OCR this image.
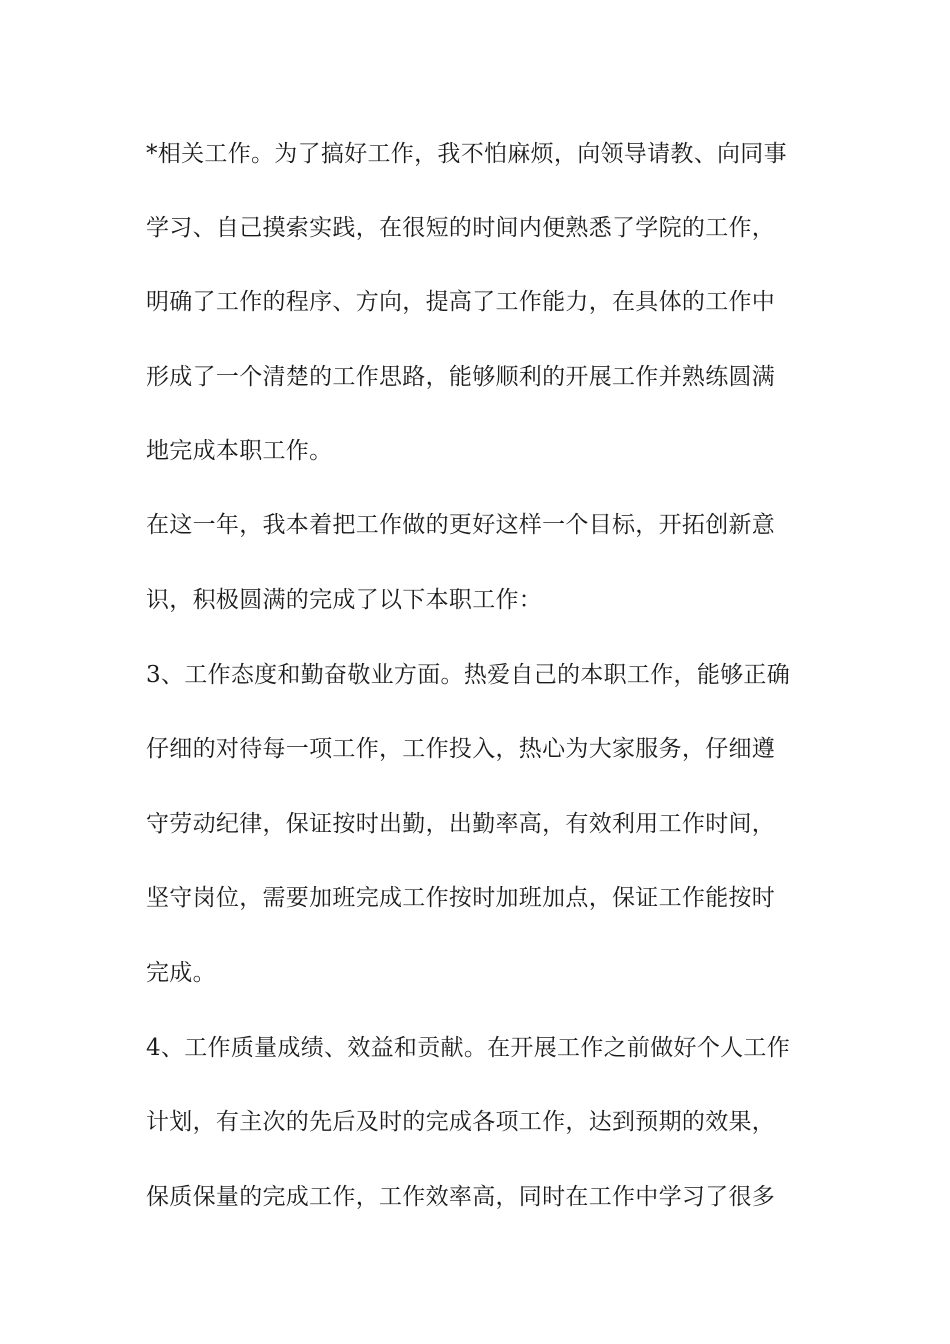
*相关工作。为了搞好工作，我不怕麻烦，向领导请教、向同事
学习、自己摸索实践，在很短的时间内便熟悉了学院的工作，
明确了工作的程序、方向，提高了工作能力，在具体的工作中
形成了一个清楚的工作思路，能够顺利的开展工作并熟练圆满
地完成本职工作。
在这一年，我本着把工作做的更好这样一个目标，开拓创新意
识，积极圆满的完成了以下本职工作：
3、工作态度和勤奋敬业方面。热爱自己的本职工作，能够正确
仔细的对待每一项工作，工作投入，热心为大家服务，仔细遵
守劳动纪律，保证按时出勤，出勤率高，有效利用工作时间，
坚守岗位，需要加班完成工作按时加班加点，保证工作能按时
完成。
4、工作质量成绩、效益和贡献。在开展工作之前做好个人工作
计划，有主次的先后及时的完成各项工作，达到预期的效果，
保质保量的完成工作，工作效率高，同时在工作中学习了很多
